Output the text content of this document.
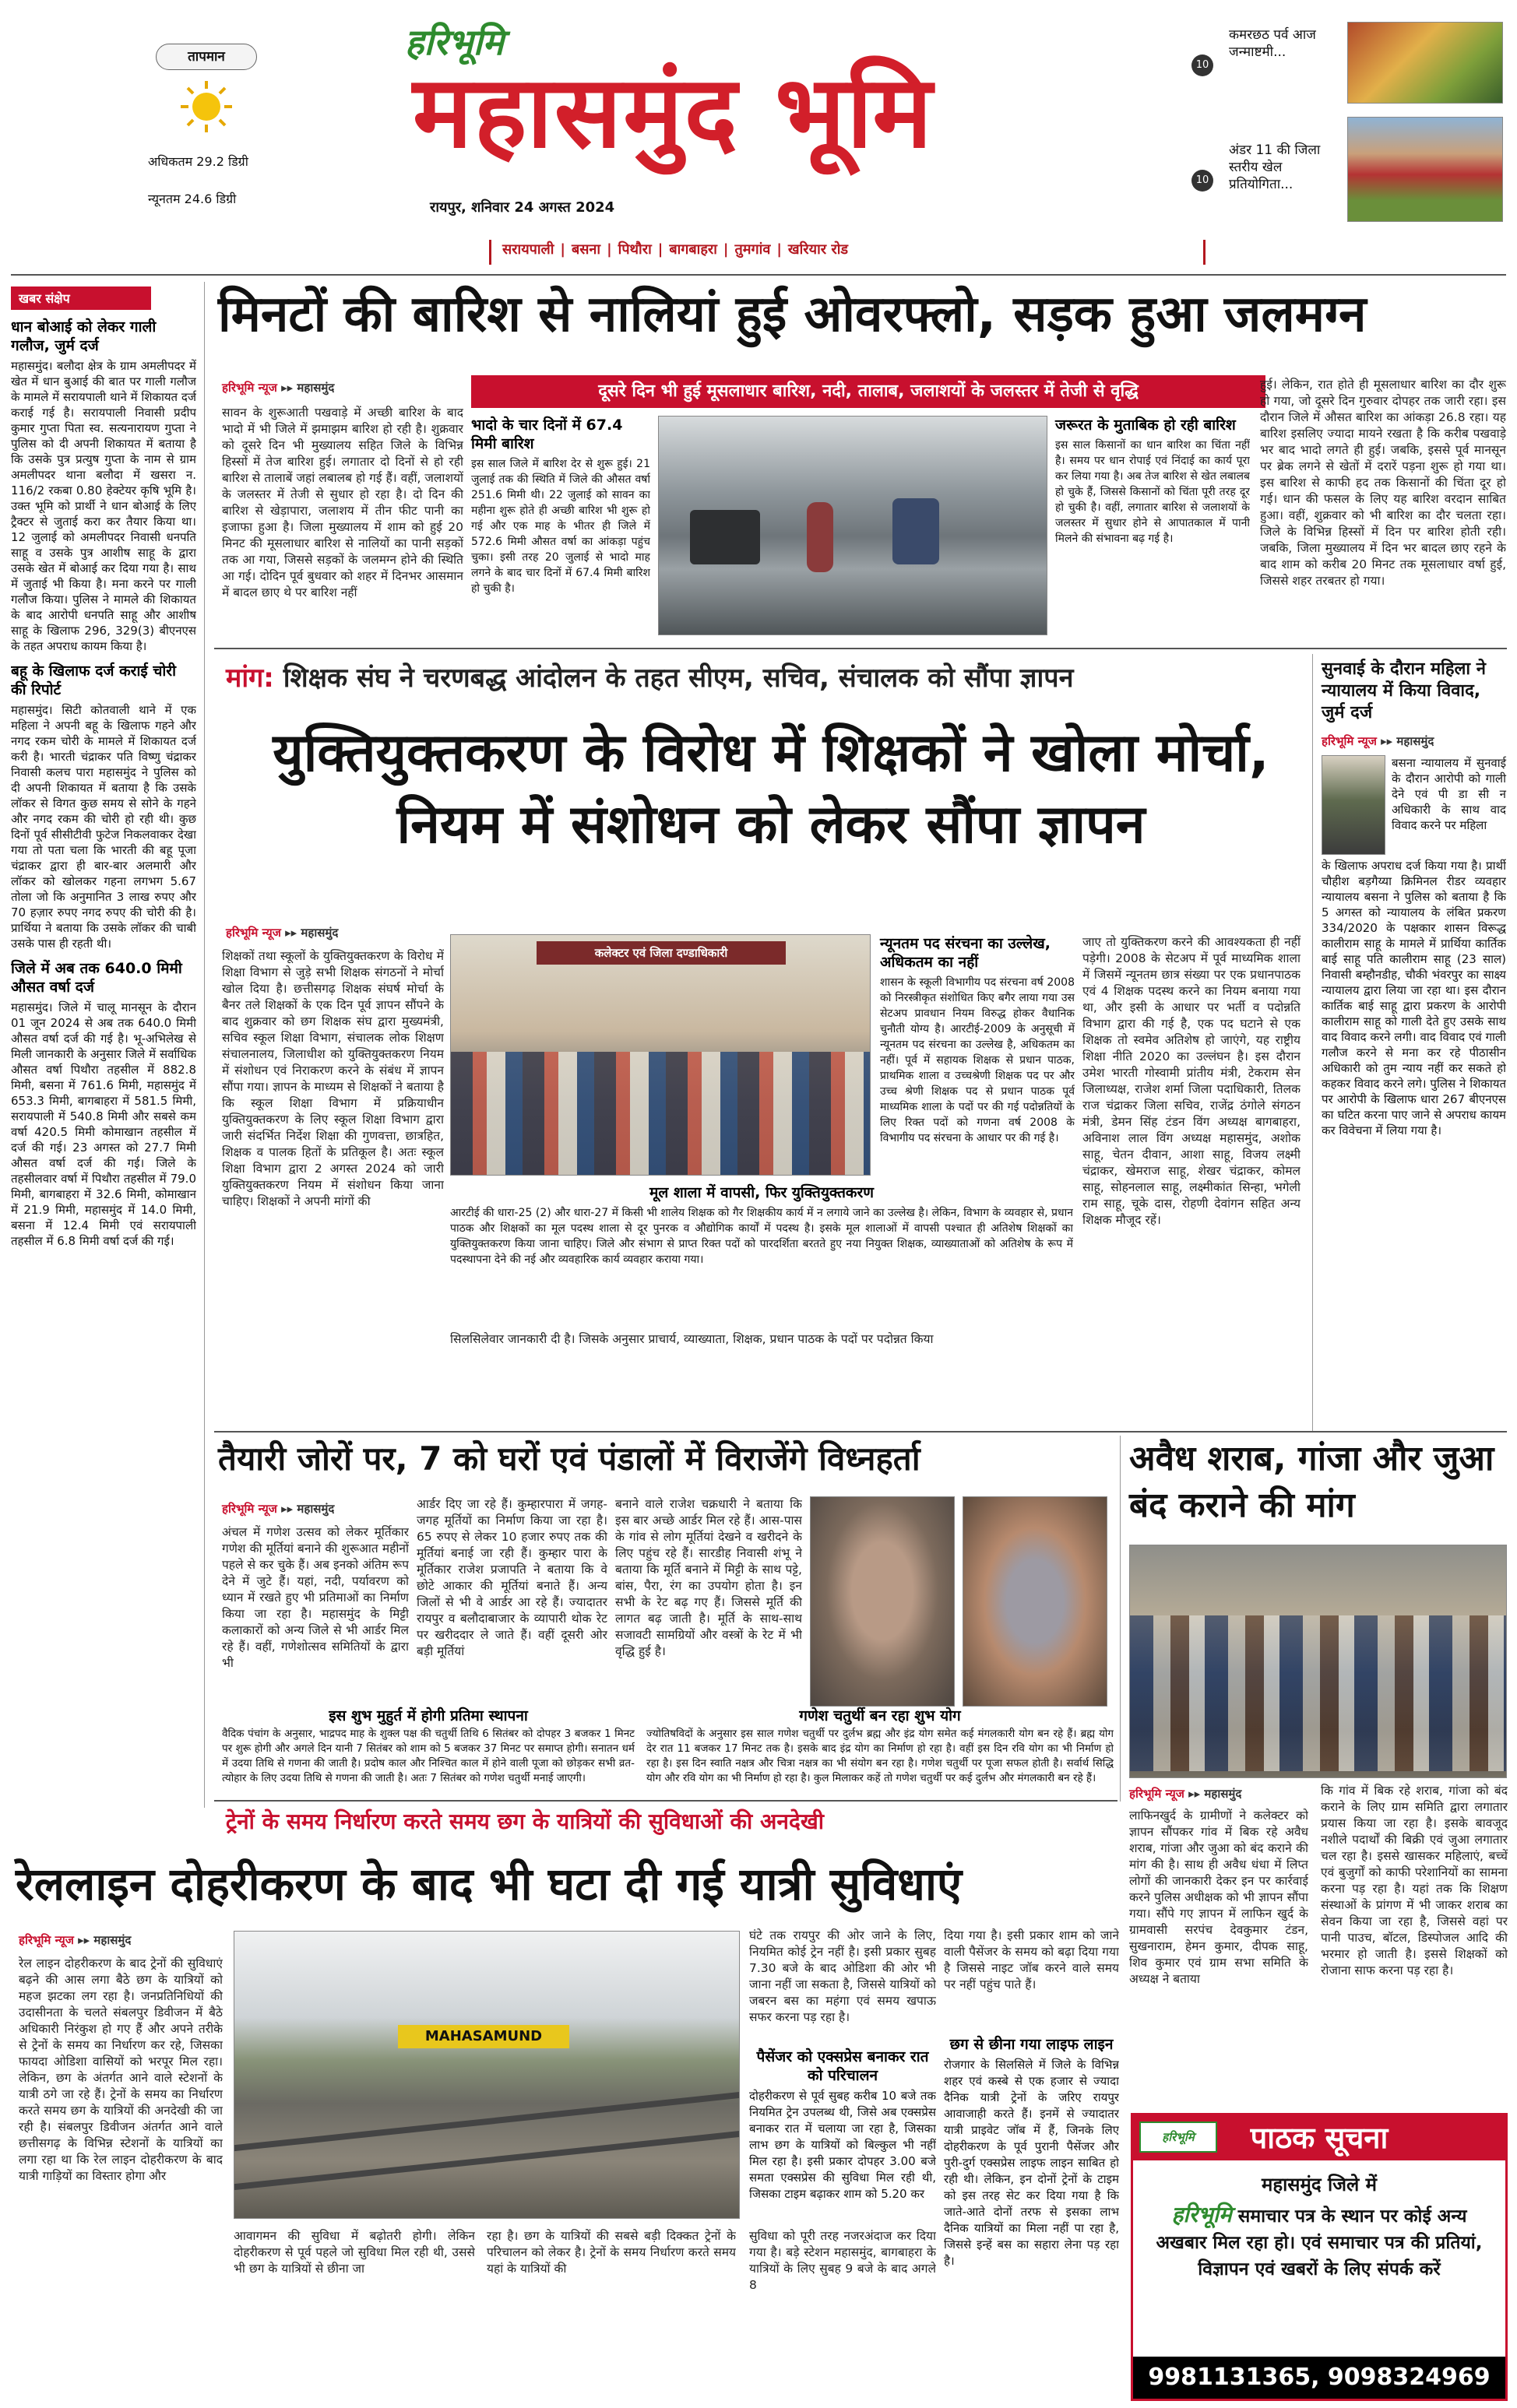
तापमान
अधिकतम 29.2 डिग्री
न्यूनतम 24.6 डिग्री
हरिभूमि
महासमुंद भूमि
रायपुर, शनिवार 24 अगस्त 2024
10
कमरछठ पर्व आज जन्माष्टमी...
10
अंडर 11 की जिला स्तरीय खेल प्रतियोगिता...
सरायपाली | बसना | पिथौरा | बागबाहरा | तुमगांव | खरियार रोड
खबर संक्षेप
धान बोआई को लेकर गाली गलौज, जुर्म दर्ज

महासमुंद। बलौदा क्षेत्र के ग्राम अमलीपदर में खेत में धान बुआई की बात पर गाली गलौज के मामले में सरायपाली थाने में शिकायत दर्ज कराई गई है। सरायपाली निवासी प्रदीप कुमार गुप्ता पिता स्व. सत्यनारायण गुप्ता ने पुलिस को दी अपनी शिकायत में बताया है कि उसके पुत्र प्रत्युष गुप्ता के नाम से ग्राम अमलीपदर थाना बलौदा में खसरा न. 116/2 रकबा 0.80 हेक्टेयर कृषि भूमि है। उक्त भूमि को प्रार्थी ने धान बोआई के लिए ट्रैक्टर से जुताई करा कर तैयार किया था। 12 जुलाई को अमलीपदर निवासी धनपति साहू व उसके पुत्र आशीष साहू के द्वारा उसके खेत में बोआई कर दिया गया है। साथ में जुताई भी किया है। मना करने पर गाली गलौज किया। पुलिस ने मामले की शिकायत के बाद आरोपी धनपति साहू और आशीष साहू के खिलाफ 296, 329(3) बीएनएस के तहत अपराध कायम किया है।

बहू के खिलाफ दर्ज कराई चोरी की रिपोर्ट

महासमुंद। सिटी कोतवाली थाने में एक महिला ने अपनी बहू के खिलाफ गहने और नगद रकम चोरी के मामले में शिकायत दर्ज करी है। भारती चंद्राकर पति विष्णु चंद्राकर निवासी कलच पारा महासमुंद ने पुलिस को दी अपनी शिकायत में बताया है कि उसके लॉकर से विगत कुछ समय से सोने के गहने और नगद रकम की चोरी हो रही थी। कुछ दिनों पूर्व सीसीटीवी फुटेज निकलवाकर देखा गया तो पता चला कि भारती की बहू पूजा चंद्राकर द्वारा ही बार-बार अलमारी और लॉकर को खोलकर गहना लगभग 5.67 तोला जो कि अनुमानित 3 लाख रुपए और 70 हज़ार रुपए नगद रुपए की चोरी की है। प्रार्थिया ने बताया कि उसके लॉकर की चाबी उसके पास ही रहती थी।

जिले में अब तक 640.0 मिमी औसत वर्षा दर्ज

महासमुंद। जिले में चालू मानसून के दौरान 01 जून 2024 से अब तक 640.0 मिमी औसत वर्षा दर्ज की गई है। भू-अभिलेख से मिली जानकारी के अनुसार जिले में सर्वाधिक औसत वर्षा पिथौरा तहसील में 882.8 मिमी, बसना में 761.6 मिमी, महासमुंद में 653.3 मिमी, बागबाहरा में 581.5 मिमी, सरायपाली में 540.8 मिमी और सबसे कम वर्षा 420.5 मिमी कोमाखान तहसील में दर्ज की गई। 23 अगस्त को 27.7 मिमी औसत वर्षा दर्ज की गई। जिले के तहसीलवार वर्षा में पिथौरा तहसील में 79.0 मिमी, बागबाहरा में 32.6 मिमी, कोमाखान में 21.9 मिमी, महासमुंद में 14.0 मिमी, बसना में 12.4 मिमी एवं सरायपाली तहसील में 6.8 मिमी वर्षा दर्ज की गई।

मिनटों की बारिश से नालियां हुई ओवरफ्लो, सड़क हुआ जलमग्न
हरिभूमि न्यूज ▸▸ महासमुंद	दूसरे दिन भी हुई मूसलाधार बारिश, नदी, तालाब, जलाशयों के जलस्तर में तेजी से वृद्धि
सावन के शुरूआती पखवाड़े में अच्छी बारिश के बाद भादो में भी जिले में झमाझम बारिश हो रही है। शुक्रवार को दूसरे दिन भी मुख्यालय सहित जिले के विभिन्न हिस्सों में तेज बारिश हुई। लगातार दो दिनों से हो रही बारिश से तालाबें जहां लबालब हो गई हैं। वहीं, जलाशयों के जलस्तर में तेजी से सुधार हो रहा है। दो दिन की बारिश से खेड़ापारा, जलाशय में तीन फीट पानी का इजाफा हुआ है। जिला मुख्यालय में शाम को हुई 20 मिनट की मूसलाधार बारिश से नालियों का पानी सड़कों तक आ गया, जिससे सड़कों के जलमग्न होने की स्थिति आ गई। दोदिन पूर्व बुधवार को शहर में दिनभर आसमान में बादल छाए थे पर बारिश नहीं
भादो के चार दिनों में 67.4 मिमी बारिश
इस साल जिले में बारिश देर से शुरू हुई। 21 जुलाई तक की स्थिति में जिले की औसत वर्षा 251.6 मिमी थी। 22 जुलाई को सावन का महीना शुरू होते ही अच्छी बारिश भी शुरू हो गई और एक माह के भीतर ही जिले में 572.6 मिमी औसत वर्षा का आंकड़ा पहुंच चुका। इसी तरह 20 जुलाई से भादो माह लगने के बाद चार दिनों में 67.4 मिमी बारिश हो चुकी है।
जरूरत के मुताबिक हो रही बारिश
इस साल किसानों का धान बारिश का चिंता नहीं है। समय पर धान रोपाई एवं निंदाई का कार्य पूरा कर लिया गया है। अब तेज बारिश से खेत लबालब हो चुके हैं, जिससे किसानों को चिंता पूरी तरह दूर हो चुकी है। वहीं, लगातार बारिश से जलाशयों के जलस्तर में सुधार होने से आपातकाल में पानी मिलने की संभावना बढ़ गई है।
हुई। लेकिन, रात होते ही मूसलाधार बारिश का दौर शुरू हो गया, जो दूसरे दिन गुरुवार दोपहर तक जारी रहा। इस दौरान जिले में औसत बारिश का आंकड़ा 26.8 रहा। यह बारिश इसलिए ज्यादा मायने रखता है कि करीब पखवाड़े भर बाद भादो लगते ही हुई। जबकि, इससे पूर्व मानसून पर ब्रेक लगने से खेतों में दरारें पड़ना शुरू हो गया था। इस बारिश से काफी हद तक किसानों की चिंता दूर हो गई। धान की फसल के लिए यह बारिश वरदान साबित हुआ। वहीं, शुक्रवार को भी बारिश का दौर चलता रहा। जिले के विभिन्न हिस्सों में दिन पर बारिश होती रही। जबकि, जिला मुख्यालय में दिन भर बादल छाए रहने के बाद शाम को करीब 20 मिनट तक मूसलाधार वर्षा हुई, जिससे शहर तरबतर हो गया।
मांग: शिक्षक संघ ने चरणबद्ध आंदोलन के तहत सीएम, सचिव, संचालक को सौंपा ज्ञापन
युक्तियुक्तकरण के विरोध में शिक्षकों ने खोला मोर्चा, नियम में संशोधन को लेकर सौंपा ज्ञापन
हरिभूमि न्यूज ▸▸ महासमुंद
शिक्षकों तथा स्कूलों के युक्तियुक्तकरण के विरोध में शिक्षा विभाग से जुड़े सभी शिक्षक संगठनों ने मोर्चा खोल दिया है। छत्तीसगढ़ शिक्षक संघर्ष मोर्चा के बैनर तले शिक्षकों के एक दिन पूर्व ज्ञापन सौंपने के बाद शुक्रवार को छग शिक्षक संघ द्वारा मुख्यमंत्री, सचिव स्कूल शिक्षा विभाग, संचालक लोक शिक्षण संचालनालय, जिलाधीश को युक्तियुक्तकरण नियम में संशोधन एवं निराकरण करने के संबंध में ज्ञापन सौंपा गया। ज्ञापन के माध्यम से शिक्षकों ने बताया है कि स्कूल शिक्षा विभाग में प्रक्रियाधीन युक्तियुक्तकरण के लिए स्कूल शिक्षा विभाग द्वारा जारी संदर्भित निर्देश शिक्षा की गुणवत्ता, छात्रहित, शिक्षक व पालक हितों के प्रतिकूल है। अतः स्कूल शिक्षा विभाग द्वारा 2 अगस्त 2024 को जारी युक्तियुक्तकरण नियम में संशोधन किया जाना चाहिए। शिक्षकों ने अपनी मांगों की
कलेक्टर एवं जिला दण्डाधिकारी
न्यूनतम पद संरचना का उल्लेख, अधिकतम का नहीं
शासन के स्कूली विभागीय पद संरचना वर्ष 2008 को निरस्त्रीकृत संशोधित किए बगैर लाया गया उस सेटअप प्रावधान नियम विरुद्ध होकर वैधानिक चुनौती योग्य है। आरटीई-2009 के अनुसूची में न्यूनतम पद संरचना का उल्लेख है, अधिकतम का नहीं। पूर्व में सहायक शिक्षक से प्रधान पाठक, प्राथमिक शाला व उच्चश्रेणी शिक्षक पद पर और उच्च श्रेणी शिक्षक पद से प्रधान पाठक पूर्व माध्यमिक शाला के पदों पर की गई पदोन्नतियों के लिए रिक्त पदों को गणना वर्ष 2008 के विभागीय पद संरचना के आधार पर की गई है।
मूल शाला में वापसी, फिर युक्तियुक्तकरण
आरटीई की धारा-25 (2) और धारा-27 में किसी भी शालेय शिक्षक को गैर शिक्षकीय कार्य में न लगाये जाने का उल्लेख है। लेकिन, विभाग के व्यवहार से, प्रधान पाठक और शिक्षकों का मूल पदस्थ शाला से दूर पुनरक व औद्योगिक कार्यों में पदस्थ है। इसके मूल शालाओं में वापसी पश्चात ही अतिशेष शिक्षकों का युक्तियुक्तकरण किया जाना चाहिए। जिले और संभाग से प्राप्त रिक्त पदों को पारदर्शिता बरतते हुए नया नियुक्त शिक्षक, व्याख्याताओं को अतिशेष के रूप में पदस्थापना देने की नई और व्यवहारिक कार्य व्यवहार कराया गया।
सिलसिलेवार जानकारी दी है। जिसके अनुसार प्राचार्य, व्याख्याता, शिक्षक, प्रधान पाठक के पदों पर पदोन्नत किया
जाए तो युक्तिकरण करने की आवश्यकता ही नहीं पड़ेगी। 2008 के सेटअप में पूर्व माध्यमिक शाला में जिसमें न्यूनतम छात्र संख्या पर एक प्रधानपाठक एवं 4 शिक्षक पदस्थ करने का नियम बनाया गया था, और इसी के आधार पर भर्ती व पदोन्नति विभाग द्वारा की गई है, एक पद घटाने से एक शिक्षक तो स्वमेव अतिशेष हो जाएंगे, यह राष्ट्रीय शिक्षा नीति 2020 का उल्लंघन है। इस दौरान उमेश भारती गोस्वामी प्रांतीय मंत्री, टेकराम सेन जिलाध्यक्ष, राजेश शर्मा जिला पदाधिकारी, तिलक राज चंद्राकर जिला सचिव, राजेंद्र ठंगोले संगठन मंत्री, डेमन सिंह टंडन विंग अध्यक्ष बागबाहरा, अविनाश लाल विंग अध्यक्ष महासमुंद, अशोक साहू, चेतन दीवान, आशा साहू, विजय लक्ष्मी चंद्राकर, खेमराज साहू, शेखर चंद्राकर, कोमल साहू, सोहनलाल साहू, लक्ष्मीकांत सिन्हा, भगेली राम साहू, चूके दास, रोहणी देवांगन सहित अन्य शिक्षक मौजूद रहें।
सुनवाई के दौरान महिला ने न्यायालय में किया विवाद, जुर्म दर्ज
हरिभूमि न्यूज ▸▸ महासमुंद
बसना न्यायालय में सुनवाई के दौरान आरोपी को गाली देने एवं पी डा सी न अधिकारी के साथ वाद विवाद करने पर महिला
के खिलाफ अपराध दर्ज किया गया है। प्रार्थी चौहीश बड़गैय्या क्रिमिनल रीडर व्यवहार न्यायालय बसना ने पुलिस को बताया है कि 5 अगस्त को न्यायालय के लंबित प्रकरण 334/2020 के पक्षकार शासन विरूद्ध कालीराम साहू के मामले में प्रार्थिया कार्तिक बाई साहू पति कालीराम साहू (23 साल) निवासी बम्हौनडीह, चौकी भंवरपुर का साक्ष्य न्यायालय द्वारा लिया जा रहा था। इस दौरान कार्तिक बाई साहू द्वारा प्रकरण के आरोपी कालीराम साहू को गाली देते हुए उसके साथ वाद विवाद करने लगी। वाद विवाद एवं गाली गलौज करने से मना कर रहे पीठासीन अधिकारी को तुम न्याय नहीं कर सकते हो कहकर विवाद करने लगे। पुलिस ने शिकायत पर आरोपी के खिलाफ धारा 267 बीएनएस का घटित करना पाए जाने से अपराध कायम कर विवेचना में लिया गया है।
तैयारी जोरों पर, 7 को घरों एवं पंडालों में विराजेंगे विध्नहर्ता
हरिभूमि न्यूज ▸▸ महासमुंद
अंचल में गणेश उत्सव को लेकर मूर्तिकार गणेश की मूर्तियां बनाने की शुरूआत महीनों पहले से कर चुके हैं। अब इनको अंतिम रूप देने में जुटे हैं। यहां, नदी, पर्यावरण को ध्यान में रखते हुए भी प्रतिमाओं का निर्माण किया जा रहा है। महासमुंद के मिट्टी कलाकारों को अन्य जिले से भी आर्डर मिल रहे हैं। वहीं, गणेशोत्सव समितियों के द्वारा भी
आर्डर दिए जा रहे हैं। कुम्हारपारा में जगह-जगह मूर्तियों का निर्माण किया जा रहा है। 65 रुपए से लेकर 10 हजार रुपए तक की मूर्तियां बनाई जा रही हैं। कुम्हार पारा के मूर्तिकार राजेश प्रजापति ने बताया कि वे छोटे आकार की मूर्तियां बनाते हैं। अन्य जिलों से भी वे आर्डर आ रहे हैं। ज्यादातर रायपुर व बलौदाबाजार के व्यापारी थोक रेट पर खरीददार ले जाते हैं। वहीं दूसरी ओर बड़ी मूर्तियां
बनाने वाले राजेश चक्रधारी ने बताया कि इस बार अच्छे आर्डर मिल रहे हैं। आस-पास के गांव से लोग मूर्तियां देखने व खरीदने के लिए पहुंच रहे हैं। सारडीह निवासी शंभू ने बताया कि मूर्ति बनाने में मिट्टी के साथ पट्टे, बांस, पैरा, रंग का उपयोग होता है। इन सभी के रेट बढ़ गए हैं। जिससे मूर्ति की लागत बढ़ जाती है। मूर्ति के साथ-साथ सजावटी सामग्रियों और वस्त्रों के रेट में भी वृद्धि हुई है।
इस शुभ मुहुर्त में होगी प्रतिमा स्थापना
वैदिक पंचांग के अनुसार, भाद्रपद माह के शुक्ल पक्ष की चतुर्थी तिथि 6 सितंबर को दोपहर 3 बजकर 1 मिनट पर शुरू होगी और अगले दिन यानी 7 सितंबर को शाम को 5 बजकर 37 मिनट पर समाप्त होगी। सनातन धर्म में उदया तिथि से गणना की जाती है। प्रदोष काल और निश्चित काल में होने वाली पूजा को छोड़कर सभी व्रत-त्योहार के लिए उदया तिथि से गणना की जाती है। अतः 7 सितंबर को गणेश चतुर्थी मनाई जाएगी।
गणेश चतुर्थी बन रहा शुभ योग
ज्योतिषविदों के अनुसार इस साल गणेश चतुर्थी पर दुर्लभ ब्रह्म और इंद्र योग समेत कई मंगलकारी योग बन रहे हैं। ब्रह्म योग देर रात 11 बजकर 17 मिनट तक है। इसके बाद इंद्र योग का निर्माण हो रहा है। वहीं इस दिन रवि योग का भी निर्माण हो रहा है। इस दिन स्वाति नक्षत्र और चित्रा नक्षत्र का भी संयोग बन रहा है। गणेश चतुर्थी पर पूजा सफल होती है। सर्वार्थ सिद्धि योग और रवि योग का भी निर्माण हो रहा है। कुल मिलाकर कहें तो गणेश चतुर्थी पर कई दुर्लभ और मंगलकारी बन रहे हैं।
अवैध शराब, गांजा और जुआ बंद कराने की मांग
लाफिनखुर्द के ग्रामीणों ने कलेक्टर को ज्ञापन सौंपकर गांव में बिक रहे अवैध शराब, गांजा और जुआ को बंद कराने की मांग की है। साथ ही अवैध धंधा में लिप्त लोगों की जानकारी देकर इन पर कार्रवाई करने पुलिस अधीक्षक को भी ज्ञापन सौंपा गया। सौंपे गए ज्ञापन में लाफिन खुर्द के ग्रामवासी सरपंच देवकुमार टंडन, सुखनाराम, हेमन कुमार, दीपक साहू, शिव कुमार एवं ग्राम सभा समिति के अध्यक्ष ने बताया
कि गांव में बिक रहे शराब, गांजा को बंद कराने के लिए ग्राम समिति द्वारा लगातार प्रयास किया जा रहा है। इसके बावजूद नशीले पदार्थों की बिक्री एवं जुआ लगातार चल रहा है। इससे खासकर महिलाएं, बच्चें एवं बुजुर्गों को काफी परेशानियों का सामना करना पड़ रहा है। यहां तक कि शिक्षण संस्थाओं के प्रांगण में भी जाकर शराब का सेवन किया जा रहा है, जिससे वहां पर पानी पाउच, बॉटल, डिस्पोजल आदि की भरमार हो जाती है। इससे शिक्षकों को रोजाना साफ करना पड़ रहा है।
हरिभूमि न्यूज ▸▸ महासमुंद
ट्रेनों के समय निर्धारण करते समय छग के यात्रियों की सुविधाओं की अनदेखी
रेललाइन दोहरीकरण के बाद भी घटा दी गई यात्री सुविधाएं
हरिभूमि न्यूज ▸▸ महासमुंद
रेल लाइन दोहरीकरण के बाद ट्रेनों की सुविधाएं बढ़ने की आस लगा बैठे छग के यात्रियों को महज झटका लग रहा है। जनप्रतिनिधियों की उदासीनता के चलते संबलपुर डिवीजन में बैठे अधिकारी निरंकुश हो गए हैं और अपने तरीके से ट्रेनों के समय का निर्धारण कर रहे, जिसका फायदा ओडिशा वासियों को भरपूर मिल रहा। लेकिन, छग के अंतर्गत आने वाले स्टेशनों के यात्री ठगे जा रहे हैं। ट्रेनों के समय का निर्धारण करते समय छग के यात्रियों की अनदेखी की जा रही है। संबलपुर डिवीजन अंतर्गत आने वाले छत्तीसगढ़ के विभिन्न स्टेशनों के यात्रियों का लगा रहा था कि रेल लाइन दोहरीकरण के बाद यात्री गाड़ियों का विस्तार होगा और
MAHASAMUND
आवागमन की सुविधा में बढ़ोतरी होगी। लेकिन दोहरीकरण से पूर्व पहले जो सुविधा मिल रही थी, उससे भी छग के यात्रियों से छीना जा
रहा है। छग के यात्रियों की सबसे बड़ी दिक्कत ट्रेनों के परिचालन को लेकर है। ट्रेनों के समय निर्धारण करते समय यहां के यात्रियों की
घंटे तक रायपुर की ओर जाने के लिए, नियमित कोई ट्रेन नहीं है। इसी प्रकार सुबह 7.30 बजे के बाद ओडिशा की ओर भी जाना नहीं जा सकता है, जिससे यात्रियों को जबरन बस का महंगा एवं समय खपाऊ सफर करना पड़ रहा है।
पैसेंजर को एक्सप्रेस बनाकर रात को परिचालन
दोहरीकरण से पूर्व सुबह करीब 10 बजे तक नियमित ट्रेन उपलब्ध थी, जिसे अब एक्सप्रेस बनाकर रात में चलाया जा रहा है, जिसका लाभ छग के यात्रियों को बिल्कुल भी नहीं मिल रहा है। इसी प्रकार दोपहर 3.00 बजे समता एक्सप्रेस की सुविधा मिल रही थी, जिसका टाइम बढ़ाकर शाम को 5.20 कर
सुविधा को पूरी तरह नजरअंदाज कर दिया गया है। बड़े स्टेशन महासमुंद, बागबाहरा के यात्रियों के लिए सुबह 9 बजे के बाद अगले 8
दिया गया है। इसी प्रकार शाम को जाने वाली पैसेंजर के समय को बढ़ा दिया गया है जिससे नाइट जॉब करने वाले समय पर नहीं पहुंच पाते हैं।
छग से छीना गया लाइफ लाइन
रोजगार के सिलसिले में जिले के विभिन्न शहर एवं कस्बे से एक हजार से ज्यादा दैनिक यात्री ट्रेनों के जरिए रायपुर आवाजाही करते हैं। इनमें से ज्यादातर यात्री प्राइवेट जॉब में हैं, जिनके लिए दोहरीकरण के पूर्व पुरानी पैसेंजर और पुरी-दुर्ग एक्सप्रेस लाइफ लाइन साबित हो रही थी। लेकिन, इन दोनों ट्रेनों के टाइम को इस तरह सेट कर दिया गया है कि जाते-आते दोनों तरफ से इसका लाभ दैनिक यात्रियों का मिला नहीं पा रहा है, जिससे इन्हें बस का सहारा लेना पड़ रहा है।
पाठक सूचना
हरिभूमि
महासमुंद जिले में
हरिभूमि समाचार पत्र के स्थान पर कोई अन्य अखबार मिल रहा हो। एवं समाचार पत्र की प्रतियां, विज्ञापन एवं खबरों के लिए संपर्क करें
9981131365, 9098324969
